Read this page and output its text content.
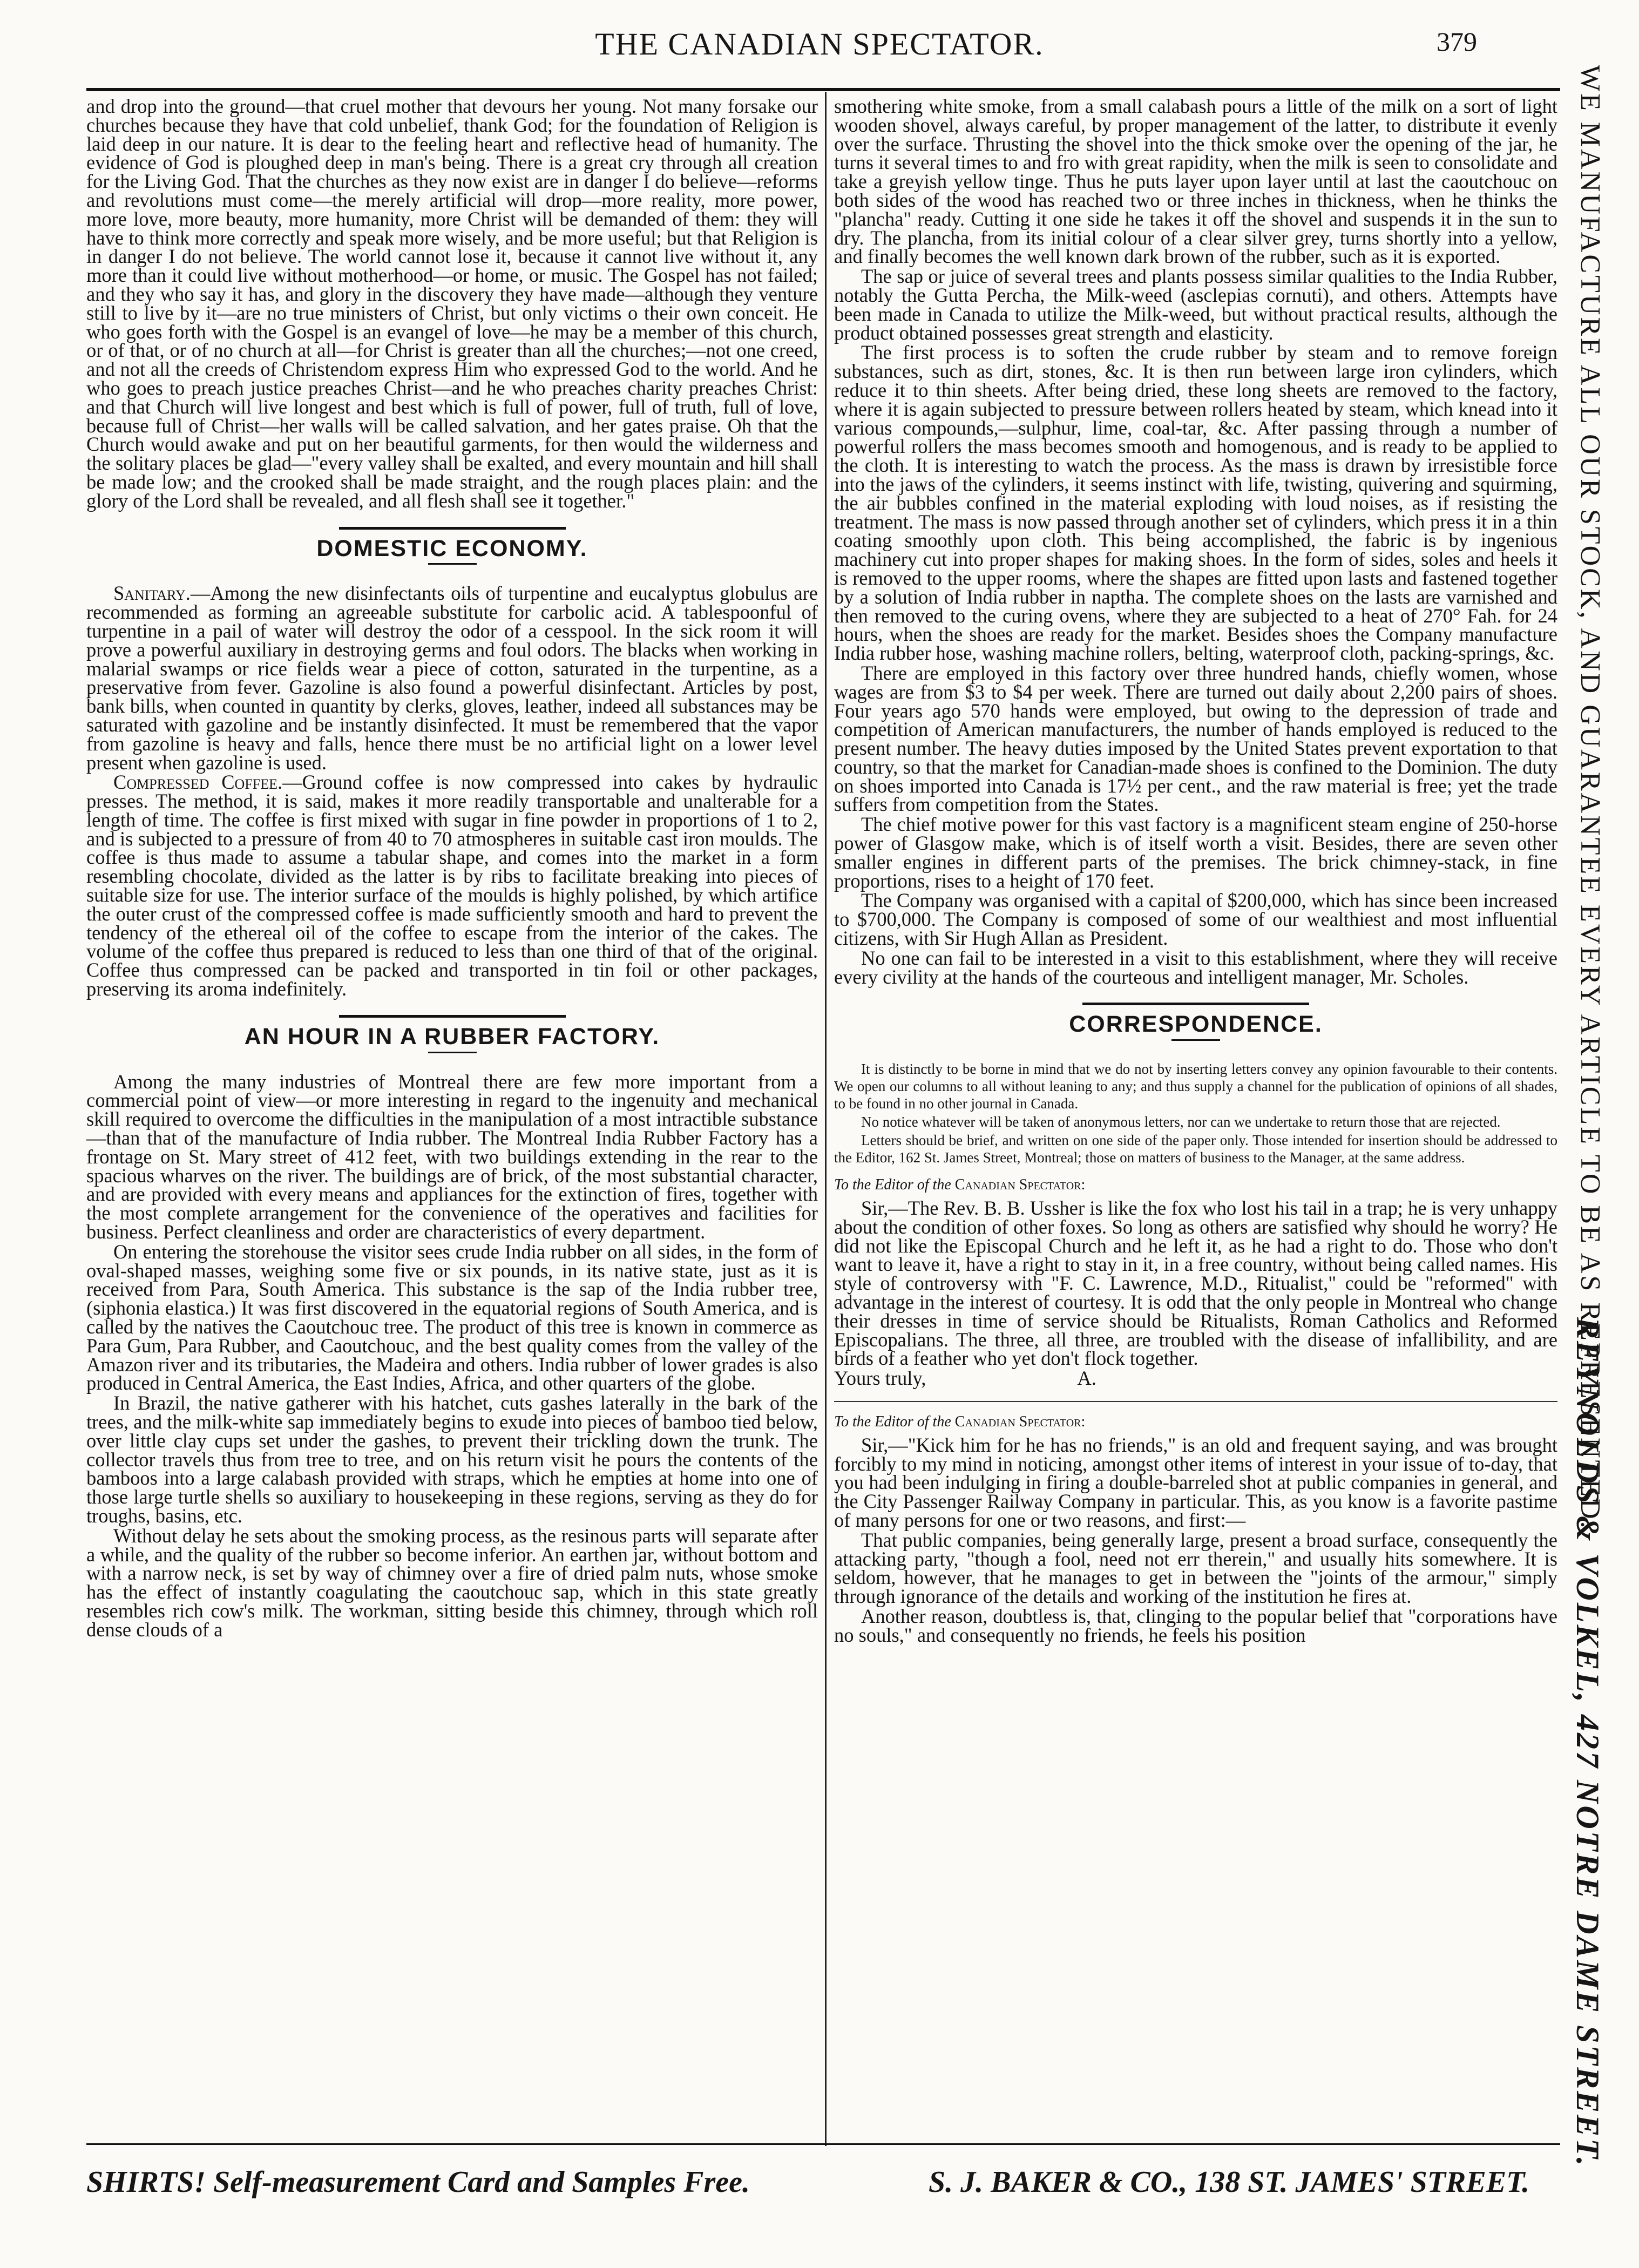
THE CANADIAN SPECTATOR.	379

and drop into the ground—that cruel mother that devours her young. Not many forsake our churches because they have that cold unbelief, thank God; for the foundation of Religion is laid deep in our nature. It is dear to the feeling heart and reflective head of humanity. The evidence of God is ploughed deep in man's being. There is a great cry through all creation for the Living God. That the churches as they now exist are in danger I do believe—reforms and revolutions must come—the merely artificial will drop—more reality, more power, more love, more beauty, more humanity, more Christ will be demanded of them: they will have to think more correctly and speak more wisely, and be more useful; but that Religion is in danger I do not believe. The world cannot lose it, because it cannot live without it, any more than it could live without motherhood—or home, or music. The Gospel has not failed; and they who say it has, and glory in the discovery they have made—although they venture still to live by it—are no true ministers of Christ, but only victims o their own conceit. He who goes forth with the Gospel is an evangel of love—he may be a member of this church, or of that, or of no church at all—for Christ is greater than all the churches;—not one creed, and not all the creeds of Christendom express Him who expressed God to the world. And he who goes to preach justice preaches Christ—and he who preaches charity preaches Christ: and that Church will live longest and best which is full of power, full of truth, full of love, because full of Christ—her walls will be called salvation, and her gates praise. Oh that the Church would awake and put on her beautiful garments, for then would the wilderness and the solitary places be glad—"every valley shall be exalted, and every mountain and hill shall be made low; and the crooked shall be made straight, and the rough places plain: and the glory of the Lord shall be revealed, and all flesh shall see it together."

DOMESTIC ECONOMY.

Sanitary.—Among the new disinfectants oils of turpentine and eucalyptus globulus are recommended as forming an agreeable substitute for carbolic acid. A tablespoonful of turpentine in a pail of water will destroy the odor of a cesspool. In the sick room it will prove a powerful auxiliary in destroying germs and foul odors. The blacks when working in malarial swamps or rice fields wear a piece of cotton, saturated in the turpentine, as a preservative from fever. Gazoline is also found a powerful disinfectant. Articles by post, bank bills, when counted in quantity by clerks, gloves, leather, indeed all substances may be saturated with gazoline and be instantly disinfected. It must be remembered that the vapor from gazoline is heavy and falls, hence there must be no artificial light on a lower level present when gazoline is used.

Compressed Coffee.—Ground coffee is now compressed into cakes by hydraulic presses. The method, it is said, makes it more readily transportable and unalterable for a length of time. The coffee is first mixed with sugar in fine powder in proportions of 1 to 2, and is subjected to a pressure of from 40 to 70 atmospheres in suitable cast iron moulds. The coffee is thus made to assume a tabular shape, and comes into the market in a form resembling chocolate, divided as the latter is by ribs to facilitate breaking into pieces of suitable size for use. The interior surface of the moulds is highly polished, by which artifice the outer crust of the compressed coffee is made sufficiently smooth and hard to prevent the tendency of the ethereal oil of the coffee to escape from the interior of the cakes. The volume of the coffee thus prepared is reduced to less than one third of that of the original. Coffee thus compressed can be packed and transported in tin foil or other packages, preserving its aroma indefinitely.

AN HOUR IN A RUBBER FACTORY.

Among the many industries of Montreal there are few more important from a commercial point of view—or more interesting in regard to the ingenuity and mechanical skill required to overcome the difficulties in the manipulation of a most intractible substance—than that of the manufacture of India rubber. The Montreal India Rubber Factory has a frontage on St. Mary street of 412 feet, with two buildings extending in the rear to the spacious wharves on the river. The buildings are of brick, of the most substantial character, and are provided with every means and appliances for the extinction of fires, together with the most complete arrangement for the convenience of the operatives and facilities for business. Perfect cleanliness and order are characteristics of every department.

On entering the storehouse the visitor sees crude India rubber on all sides, in the form of oval-shaped masses, weighing some five or six pounds, in its native state, just as it is received from Para, South America. This substance is the sap of the India rubber tree, (siphonia elastica.) It was first discovered in the equatorial regions of South America, and is called by the natives the Caoutchouc tree. The product of this tree is known in commerce as Para Gum, Para Rubber, and Caoutchouc, and the best quality comes from the valley of the Amazon river and its tributaries, the Madeira and others. India rubber of lower grades is also produced in Central America, the East Indies, Africa, and other quarters of the globe.

In Brazil, the native gatherer with his hatchet, cuts gashes laterally in the bark of the trees, and the milk-white sap immediately begins to exude into pieces of bamboo tied below, over little clay cups set under the gashes, to prevent their trickling down the trunk. The collector travels thus from tree to tree, and on his return visit he pours the contents of the bamboos into a large calabash provided with straps, which he empties at home into one of those large turtle shells so auxiliary to housekeeping in these regions, serving as they do for troughs, basins, etc.

Without delay he sets about the smoking process, as the resinous parts will separate after a while, and the quality of the rubber so become inferior. An earthen jar, without bottom and with a narrow neck, is set by way of chimney over a fire of dried palm nuts, whose smoke has the effect of instantly coagulating the caoutchouc sap, which in this state greatly resembles rich cow's milk. The workman, sitting beside this chimney, through which roll dense clouds of a

smothering white smoke, from a small calabash pours a little of the milk on a sort of light wooden shovel, always careful, by proper management of the latter, to distribute it evenly over the surface. Thrusting the shovel into the thick smoke over the opening of the jar, he turns it several times to and fro with great rapidity, when the milk is seen to consolidate and take a greyish yellow tinge. Thus he puts layer upon layer until at last the caoutchouc on both sides of the wood has reached two or three inches in thickness, when he thinks the "plancha" ready. Cutting it one side he takes it off the shovel and suspends it in the sun to dry. The plancha, from its initial colour of a clear silver grey, turns shortly into a yellow, and finally becomes the well known dark brown of the rubber, such as it is exported.

The sap or juice of several trees and plants possess similar qualities to the India Rubber, notably the Gutta Percha, the Milk-weed (asclepias cornuti), and others. Attempts have been made in Canada to utilize the Milk-weed, but without practical results, although the product obtained possesses great strength and elasticity.

The first process is to soften the crude rubber by steam and to remove foreign substances, such as dirt, stones, &c. It is then run between large iron cylinders, which reduce it to thin sheets. After being dried, these long sheets are removed to the factory, where it is again subjected to pressure between rollers heated by steam, which knead into it various compounds,—sulphur, lime, coal-tar, &c. After passing through a number of powerful rollers the mass becomes smooth and homogenous, and is ready to be applied to the cloth. It is interesting to watch the process. As the mass is drawn by irresistible force into the jaws of the cylinders, it seems instinct with life, twisting, quivering and squirming, the air bubbles confined in the material exploding with loud noises, as if resisting the treatment. The mass is now passed through another set of cylinders, which press it in a thin coating smoothly upon cloth. This being accomplished, the fabric is by ingenious machinery cut into proper shapes for making shoes. In the form of sides, soles and heels it is removed to the upper rooms, where the shapes are fitted upon lasts and fastened together by a solution of India rubber in naptha. The complete shoes on the lasts are varnished and then removed to the curing ovens, where they are subjected to a heat of 270° Fah. for 24 hours, when the shoes are ready for the market. Besides shoes the Company manufacture India rubber hose, washing machine rollers, belting, waterproof cloth, packing-springs, &c.

There are employed in this factory over three hundred hands, chiefly women, whose wages are from $3 to $4 per week. There are turned out daily about 2,200 pairs of shoes. Four years ago 570 hands were employed, but owing to the depression of trade and competition of American manufacturers, the number of hands employed is reduced to the present number. The heavy duties imposed by the United States prevent exportation to that country, so that the market for Canadian-made shoes is confined to the Dominion. The duty on shoes imported into Canada is 17½ per cent., and the raw material is free; yet the trade suffers from competition from the States.

The chief motive power for this vast factory is a magnificent steam engine of 250-horse power of Glasgow make, which is of itself worth a visit. Besides, there are seven other smaller engines in different parts of the premises. The brick chimney-stack, in fine proportions, rises to a height of 170 feet.

The Company was organised with a capital of $200,000, which has since been increased to $700,000. The Company is composed of some of our wealthiest and most influential citizens, with Sir Hugh Allan as President.

No one can fail to be interested in a visit to this establishment, where they will receive every civility at the hands of the courteous and intelligent manager, Mr. Scholes.

CORRESPONDENCE.

It is distinctly to be borne in mind that we do not by inserting letters convey any opinion favourable to their contents. We open our columns to all without leaning to any; and thus supply a channel for the publication of opinions of all shades, to be found in no other journal in Canada.

No notice whatever will be taken of anonymous letters, nor can we undertake to return those that are rejected.

Letters should be brief, and written on one side of the paper only. Those intended for insertion should be addressed to the Editor, 162 St. James Street, Montreal; those on matters of business to the Manager, at the same address.

To the Editor of the Canadian Spectator:

Sir,—The Rev. B. B. Ussher is like the fox who lost his tail in a trap; he is very unhappy about the condition of other foxes. So long as others are satisfied why should he worry? He did not like the Episcopal Church and he left it, as he had a right to do. Those who don't want to leave it, have a right to stay in it, in a free country, without being called names. His style of controversy with "F. C. Lawrence, M.D., Ritualist," could be "reformed" with advantage in the interest of courtesy. It is odd that the only people in Montreal who change their dresses in time of service should be Ritualists, Roman Catholics and Reformed Episcopalians. The three, all three, are troubled with the disease of infallibility, and are birds of a feather who yet don't flock together.

Yours truly,	A.

To the Editor of the Canadian Spectator:

Sir,—"Kick him for he has no friends," is an old and frequent saying, and was brought forcibly to my mind in noticing, amongst other items of interest in your issue of to-day, that you had been indulging in firing a double-barreled shot at public companies in general, and the City Passenger Railway Company in particular. This, as you know is a favorite pastime of many persons for one or two reasons, and first:—

That public companies, being generally large, present a broad surface, consequently the attacking party, "though a fool, need not err therein," and usually hits somewhere. It is seldom, however, that he manages to get in between the "joints of the armour," simply through ignorance of the details and working of the institution he fires at.

Another reason, doubtless is, that, clinging to the popular belief that "corporations have no souls," and consequently no friends, he feels his position

WE MANUFACTURE ALL OUR STOCK, AND GUARANTEE EVERY ARTICLE TO BE AS REPRESENTED.
REYNOLDS & VOLKEL, 427 NOTRE DAME STREET.
SHIRTS! Self-measurement Card and Samples Free.	S. J. BAKER & CO., 138 ST. JAMES' STREET.
